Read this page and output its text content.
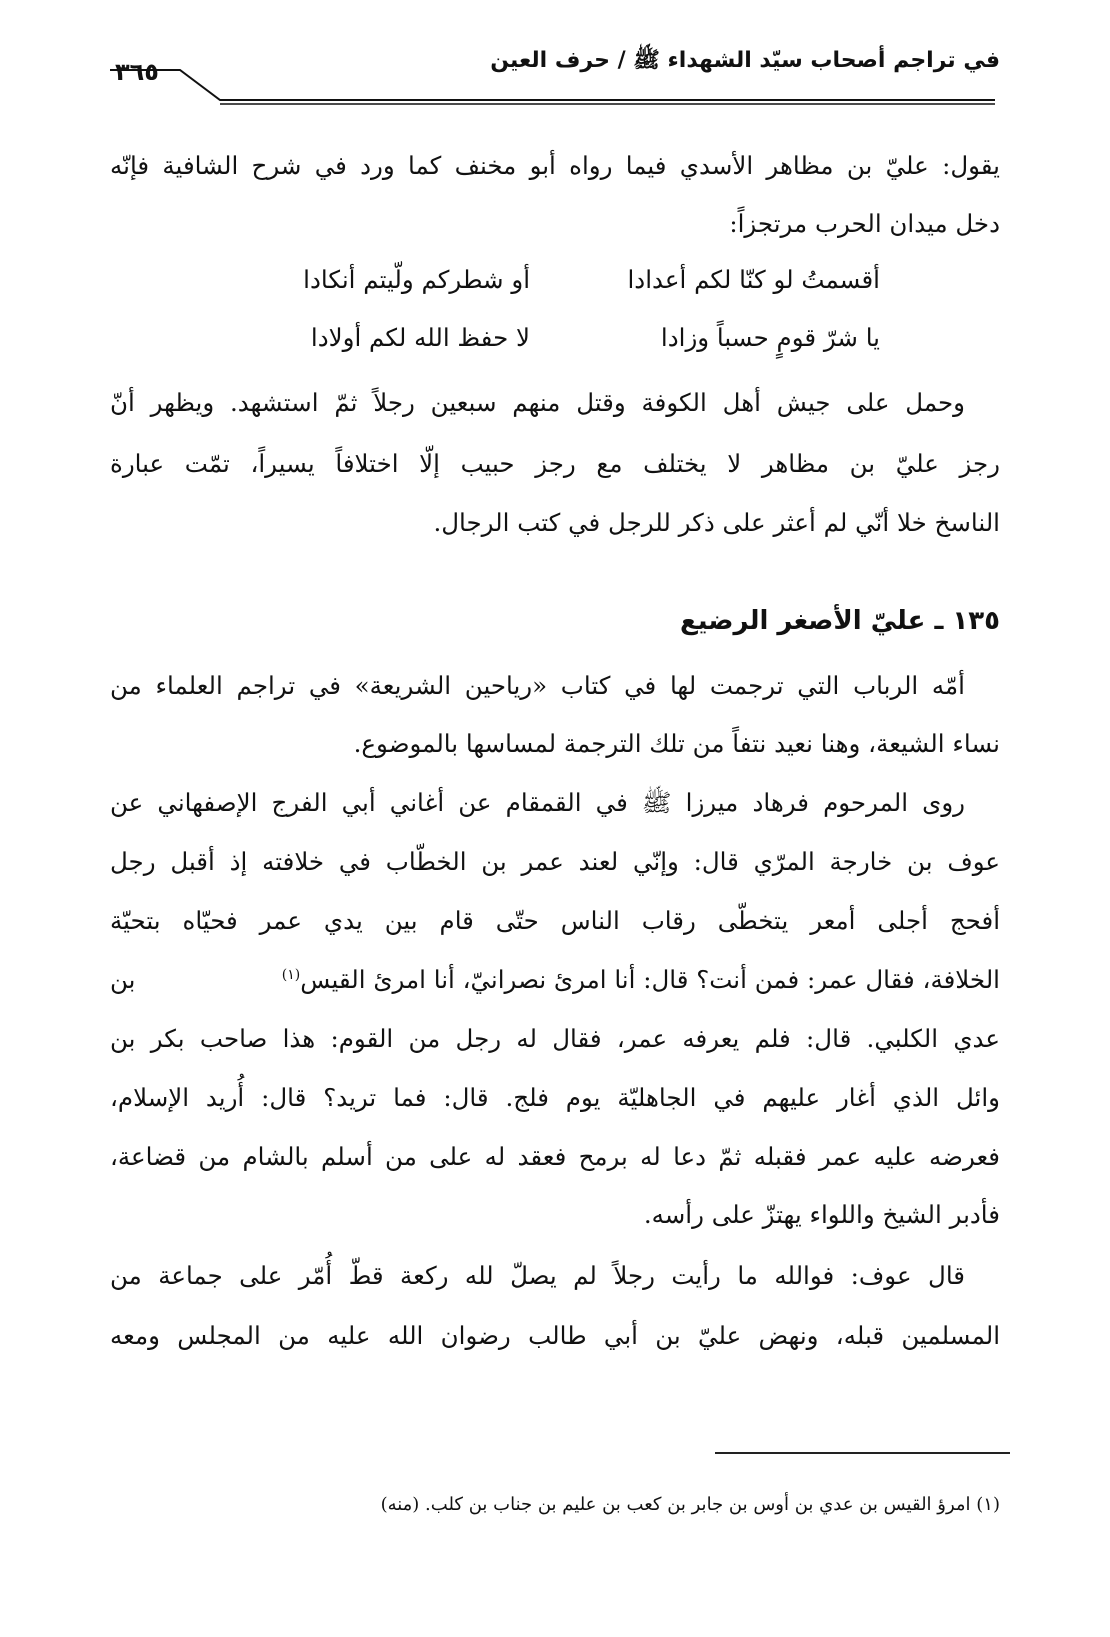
في تراجم أصحاب سيّد الشهداء ﷺ / حرف العين
٣٦٥
يقول: عليّ بن مظاهر الأسدي فيما رواه أبو مخنف كما ورد في شرح الشافية فإنّه
دخل ميدان الحرب مرتجزاً:
أقسمتُ لو كنّا لكم أعدادا
أو شطركم ولّيتم أنكادا
يا شرّ قومٍ حسباً وزادا
لا حفظ الله لكم أولادا
وحمل على جيش أهل الكوفة وقتل منهم سبعين رجلاً ثمّ استشهد. ويظهر أنّ
رجز عليّ بن مظاهر لا يختلف مع رجز حبيب إلّا اختلافاً يسيراً، تمّت عبارة
الناسخ خلا أنّي لم أعثر على ذكر للرجل في كتب الرجال.
١٣٥ ـ عليّ الأصغر الرضيع
أمّه الرباب التي ترجمت لها في كتاب «رياحين الشريعة» في تراجم العلماء من
نساء الشيعة، وهنا نعيد نتفاً من تلك الترجمة لمساسها بالموضوع.
روى المرحوم فرهاد ميرزا ﷺ في القمقام عن أغاني أبي الفرج الإصفهاني عن
عوف بن خارجة المرّي قال: وإنّي لعند عمر بن الخطّاب في خلافته إذ أقبل رجل
أفحج أجلى أمعر يتخطّى رقاب الناس حتّى قام بين يدي عمر فحيّاه بتحيّة
الخلافة، فقال عمر: فمن أنت؟ قال: أنا امرئ نصرانيّ، أنا امرئ القيس$^{(١)}$
بن
عدي الكلبي. قال: فلم يعرفه عمر، فقال له رجل من القوم: هذا صاحب بكر بن
وائل الذي أغار عليهم في الجاهليّة يوم فلج. قال: فما تريد؟ قال: أُريد الإسلام،
فعرضه عليه عمر فقبله ثمّ دعا له برمح فعقد له على من أسلم بالشام من قضاعة،
فأدبر الشيخ واللواء يهتزّ على رأسه.
قال عوف: فوالله ما رأيت رجلاً لم يصلّ لله ركعة قطّ أُمّر على جماعة من
المسلمين قبله، ونهض عليّ بن أبي طالب رضوان الله عليه من المجلس ومعه
(١) امرؤ القيس بن عدي بن أوس بن جابر بن كعب بن عليم بن جناب بن كلب. (منه)
